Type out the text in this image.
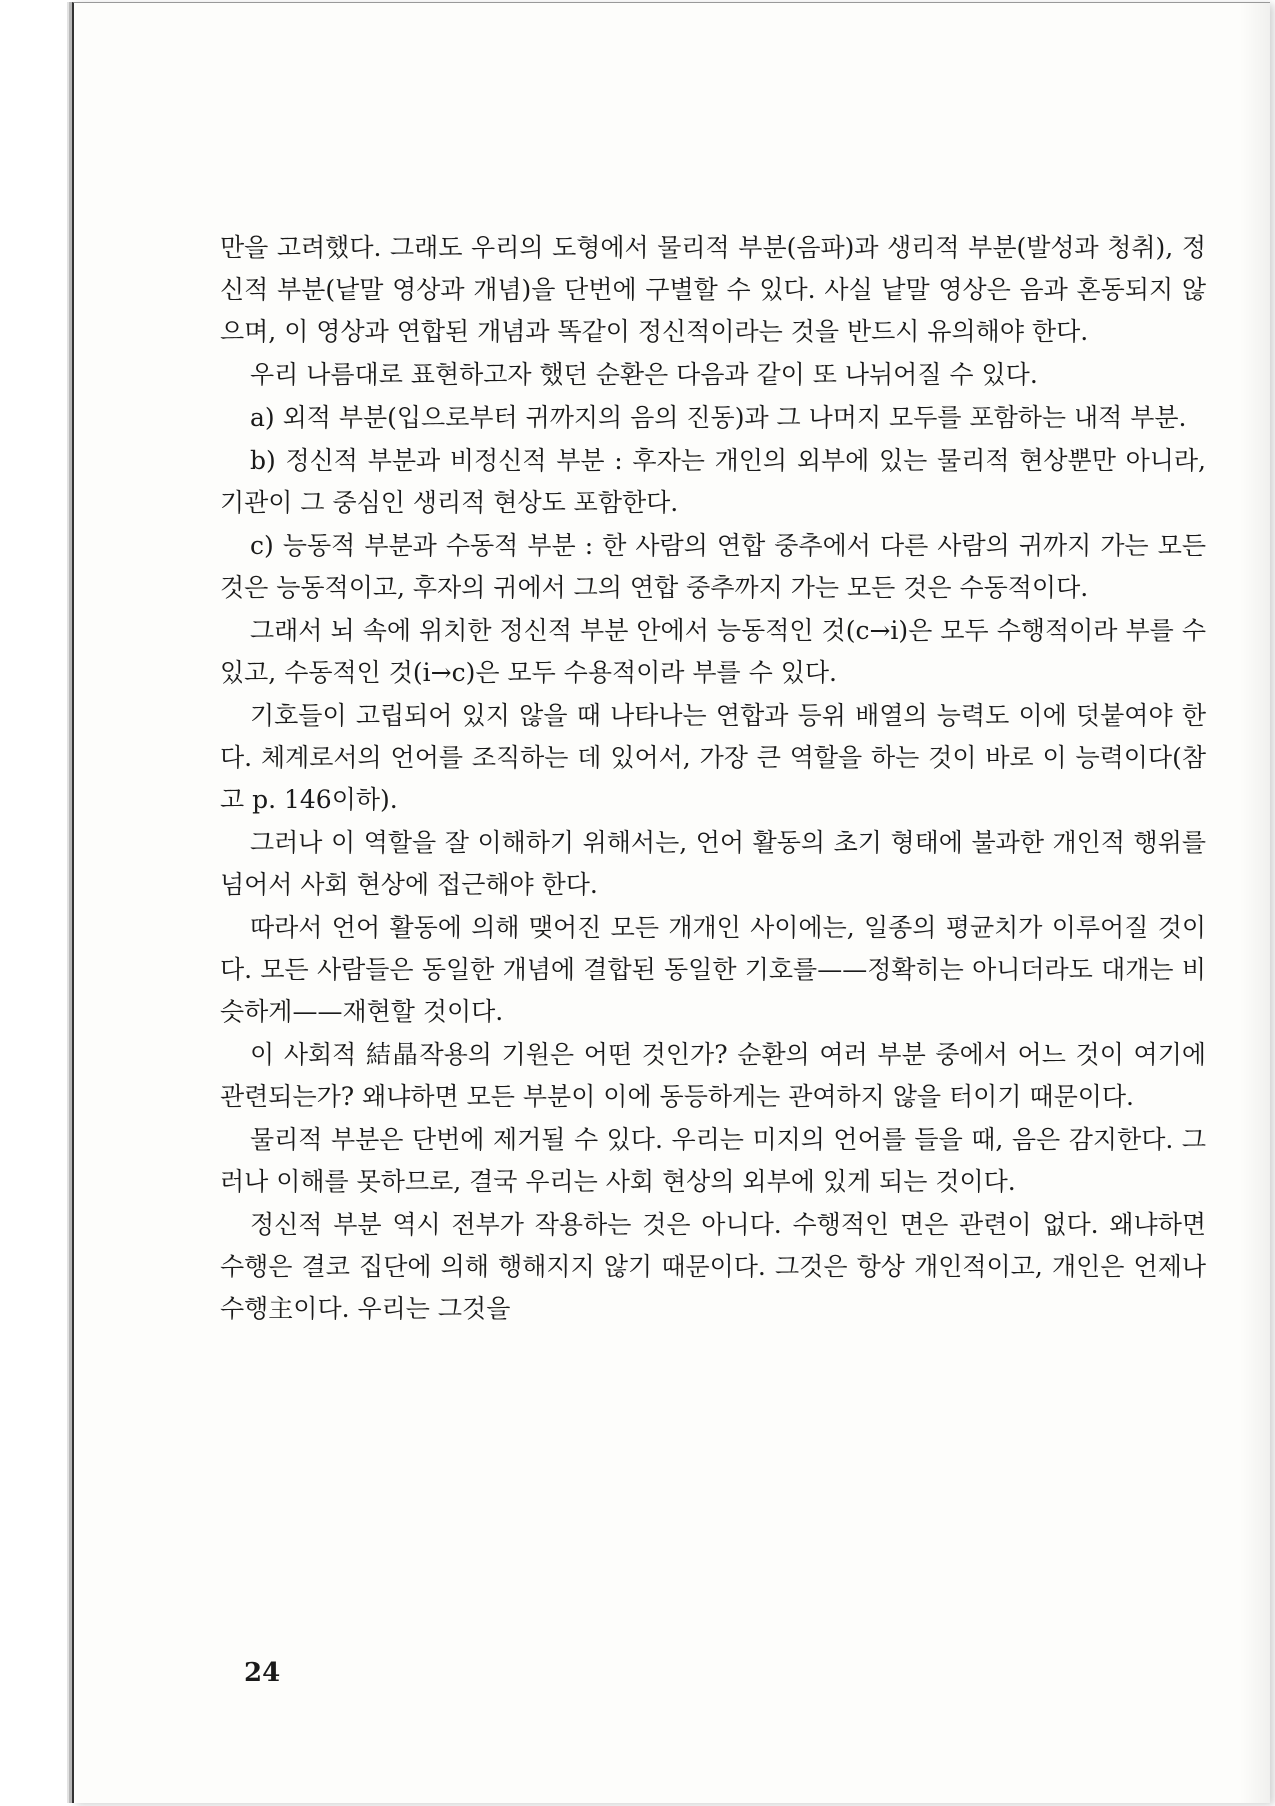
만을 고려했다. 그래도 우리의 도형에서 물리적 부분(음파)과 생리적 부분(발성과 청취), 정신적 부분(낱말 영상과 개념)을 단번에 구별할 수 있다. 사실 낱말 영상은 음과 혼동되지 않으며, 이 영상과 연합된 개념과 똑같이 정신적이라는 것을 반드시 유의해야 한다.

우리 나름대로 표현하고자 했던 순환은 다음과 같이 또 나뉘어질 수 있다.

a) 외적 부분(입으로부터 귀까지의 음의 진동)과 그 나머지 모두를 포함하는 내적 부분.

b) 정신적 부분과 비정신적 부분 : 후자는 개인의 외부에 있는 물리적 현상뿐만 아니라, 기관이 그 중심인 생리적 현상도 포함한다.

c) 능동적 부분과 수동적 부분 : 한 사람의 연합 중추에서 다른 사람의 귀까지 가는 모든 것은 능동적이고, 후자의 귀에서 그의 연합 중추까지 가는 모든 것은 수동적이다.

그래서 뇌 속에 위치한 정신적 부분 안에서 능동적인 것(c→i)은 모두 수행적이라 부를 수 있고, 수동적인 것(i→c)은 모두 수용적이라 부를 수 있다.

기호들이 고립되어 있지 않을 때 나타나는 연합과 등위 배열의 능력도 이에 덧붙여야 한다. 체계로서의 언어를 조직하는 데 있어서, 가장 큰 역할을 하는 것이 바로 이 능력이다(참고 p. 146이하).

그러나 이 역할을 잘 이해하기 위해서는, 언어 활동의 초기 형태에 불과한 개인적 행위를 넘어서 사회 현상에 접근해야 한다.

따라서 언어 활동에 의해 맺어진 모든 개개인 사이에는, 일종의 평균치가 이루어질 것이다. 모든 사람들은 동일한 개념에 결합된 동일한 기호를——정확히는 아니더라도 대개는 비슷하게——재현할 것이다.

이 사회적 結晶작용의 기원은 어떤 것인가? 순환의 여러 부분 중에서 어느 것이 여기에 관련되는가? 왜냐하면 모든 부분이 이에 동등하게는 관여하지 않을 터이기 때문이다.

물리적 부분은 단번에 제거될 수 있다. 우리는 미지의 언어를 들을 때, 음은 감지한다. 그러나 이해를 못하므로, 결국 우리는 사회 현상의 외부에 있게 되는 것이다.

정신적 부분 역시 전부가 작용하는 것은 아니다. 수행적인 면은 관련이 없다. 왜냐하면 수행은 결코 집단에 의해 행해지지 않기 때문이다. 그것은 항상 개인적이고, 개인은 언제나 수행主이다. 우리는 그것을

24
